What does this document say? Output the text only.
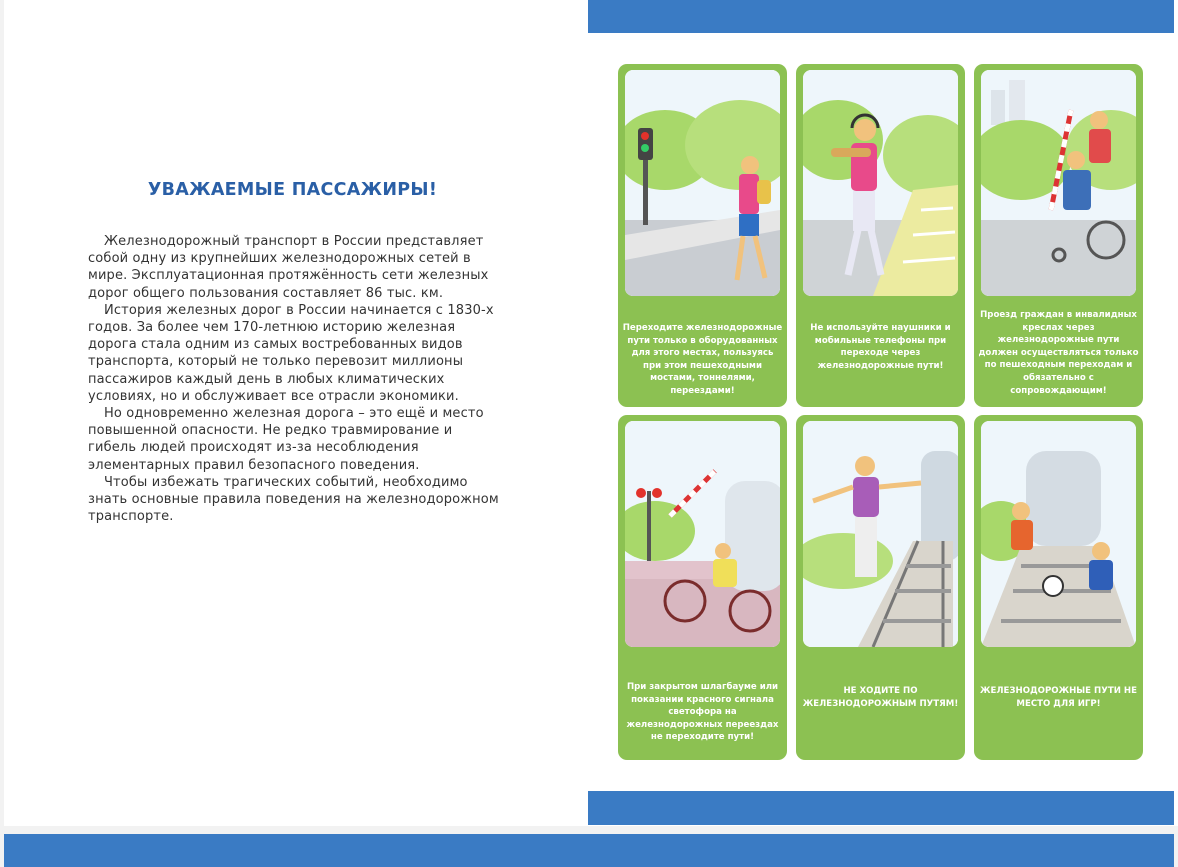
УВАЖАЕМЫЕ ПАССАЖИРЫ!

Железнодорожный транспорт в России представляет собой одну из крупнейших железнодорожных сетей в мире. Эксплуатационная протяжённость сети железных дорог общего пользования составляет 86 тыс. км.

История железных дорог в России начинается с 1830-х годов. За более чем 170-летнюю историю железная дорога стала одним из самых востребованных видов транспорта, который не только перевозит миллионы пассажиров каждый день в любых климатических условиях, но и обслуживает все отрасли экономики.

Но одновременно железная дорога – это ещё и место повышенной опасности. Не редко травмирование и гибель людей происходят из-за несоблюдения элементарных правил безопасного поведения.

Чтобы избежать трагических событий, необходимо знать основные правила поведения на железнодорожном транспорте.

Переходите железнодорожные пути только в оборудованных для этого местах, пользуясь при этом пешеходными мостами, тоннелями, переездами!
Не используйте наушники и мобильные телефоны при переходе через железнодорожные пути!
Проезд граждан в инвалидных креслах через железнодорожные пути должен осуществляться только по пешеходным переходам и обязательно с сопровождающим!
При закрытом шлагбауме или показании красного сигнала светофора на железнодорожных переездах не переходите пути!
НЕ ХОДИТЕ ПО ЖЕЛЕЗНОДОРОЖНЫМ ПУТЯМ!
ЖЕЛЕЗНОДОРОЖНЫЕ ПУТИ НЕ МЕСТО ДЛЯ ИГР!
